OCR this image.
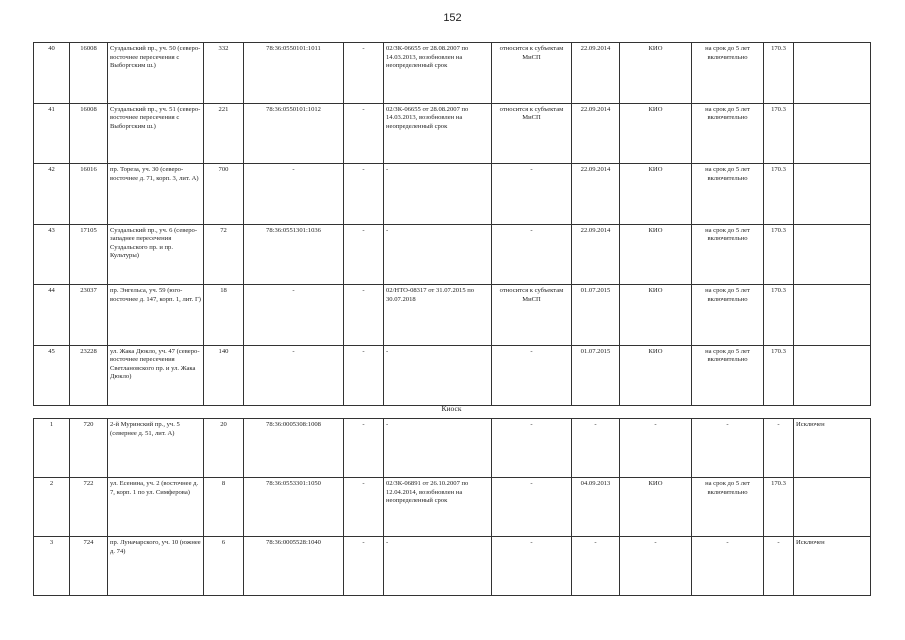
152
40	16008	Суздальский пр., уч. 50 (северо-восточнее пересечения с Выборгским ш.)	332	78:36:0550101:1011	-	02/ЗК-06655 от 28.08.2007 по 14.03.2013, возобновлен на неопределенный срок	относится к субъектам МиСП	22.09.2014	КИО	на срок до 5 лет включительно	170.3	
41	16008	Суздальский пр., уч. 51 (северо-восточнее пересечения с Выборгским ш.)	221	78:36:0550101:1012	-	02/ЗК-06655 от 28.08.2007 по 14.03.2013, возобновлен на неопределенный срок	относится к субъектам МиСП	22.09.2014	КИО	на срок до 5 лет включительно	170.3	
42	16016	пр. Тореза, уч. 30 (северо-восточнее д. 71, корп. 3, лит. А)	700	-	-	-	-	22.09.2014	КИО	на срок до 5 лет включительно	170.3	
43	17105	Суздальский пр., уч. 6 (северо-западнее пересечения Суздальского пр. и пр. Культуры)	72	78:36:0551301:1036	-	-	-	22.09.2014	КИО	на срок до 5 лет включительно	170.3	
44	23037	пр. Энгельса, уч. 59 (юго-восточнее д. 147, корп. 1, лит. Г)	18	-	-	02/НТО-08317 от 31.07.2015 по 30.07.2018	относится к субъектам МиСП	01.07.2015	КИО	на срок до 5 лет включительно	170.3	
45	23228	ул. Жака Дюкло, уч. 47 (северо-восточнее пересечения Светлановского пр. и ул. Жака Дюкло)	140	-	-	-	-	01.07.2015	КИО	на срок до 5 лет включительно	170.3	
Киоск
1	720	2-й Муринский пр., уч. 5 (севернее д. 51, лит. А)	20	78:36:0005308:1008	-	-	-	-	-	-	-	Исключен
2	722	ул. Есенина, уч. 2 (восточнее д. 7, корп. 1 по ул. Симферова)	8	78:36:0553301:1050	-	02/ЗК-06891 от 26.10.2007 по 12.04.2014, возобновлен на неопределенный срок	-	04.09.2013	КИО	на срок до 5 лет включительно	170.3	
3	724	пр. Луначарского, уч. 10 (южнее д. 74)	6	78:36:0005528:1040	-	-	-	-	-	-	-	Исключен
